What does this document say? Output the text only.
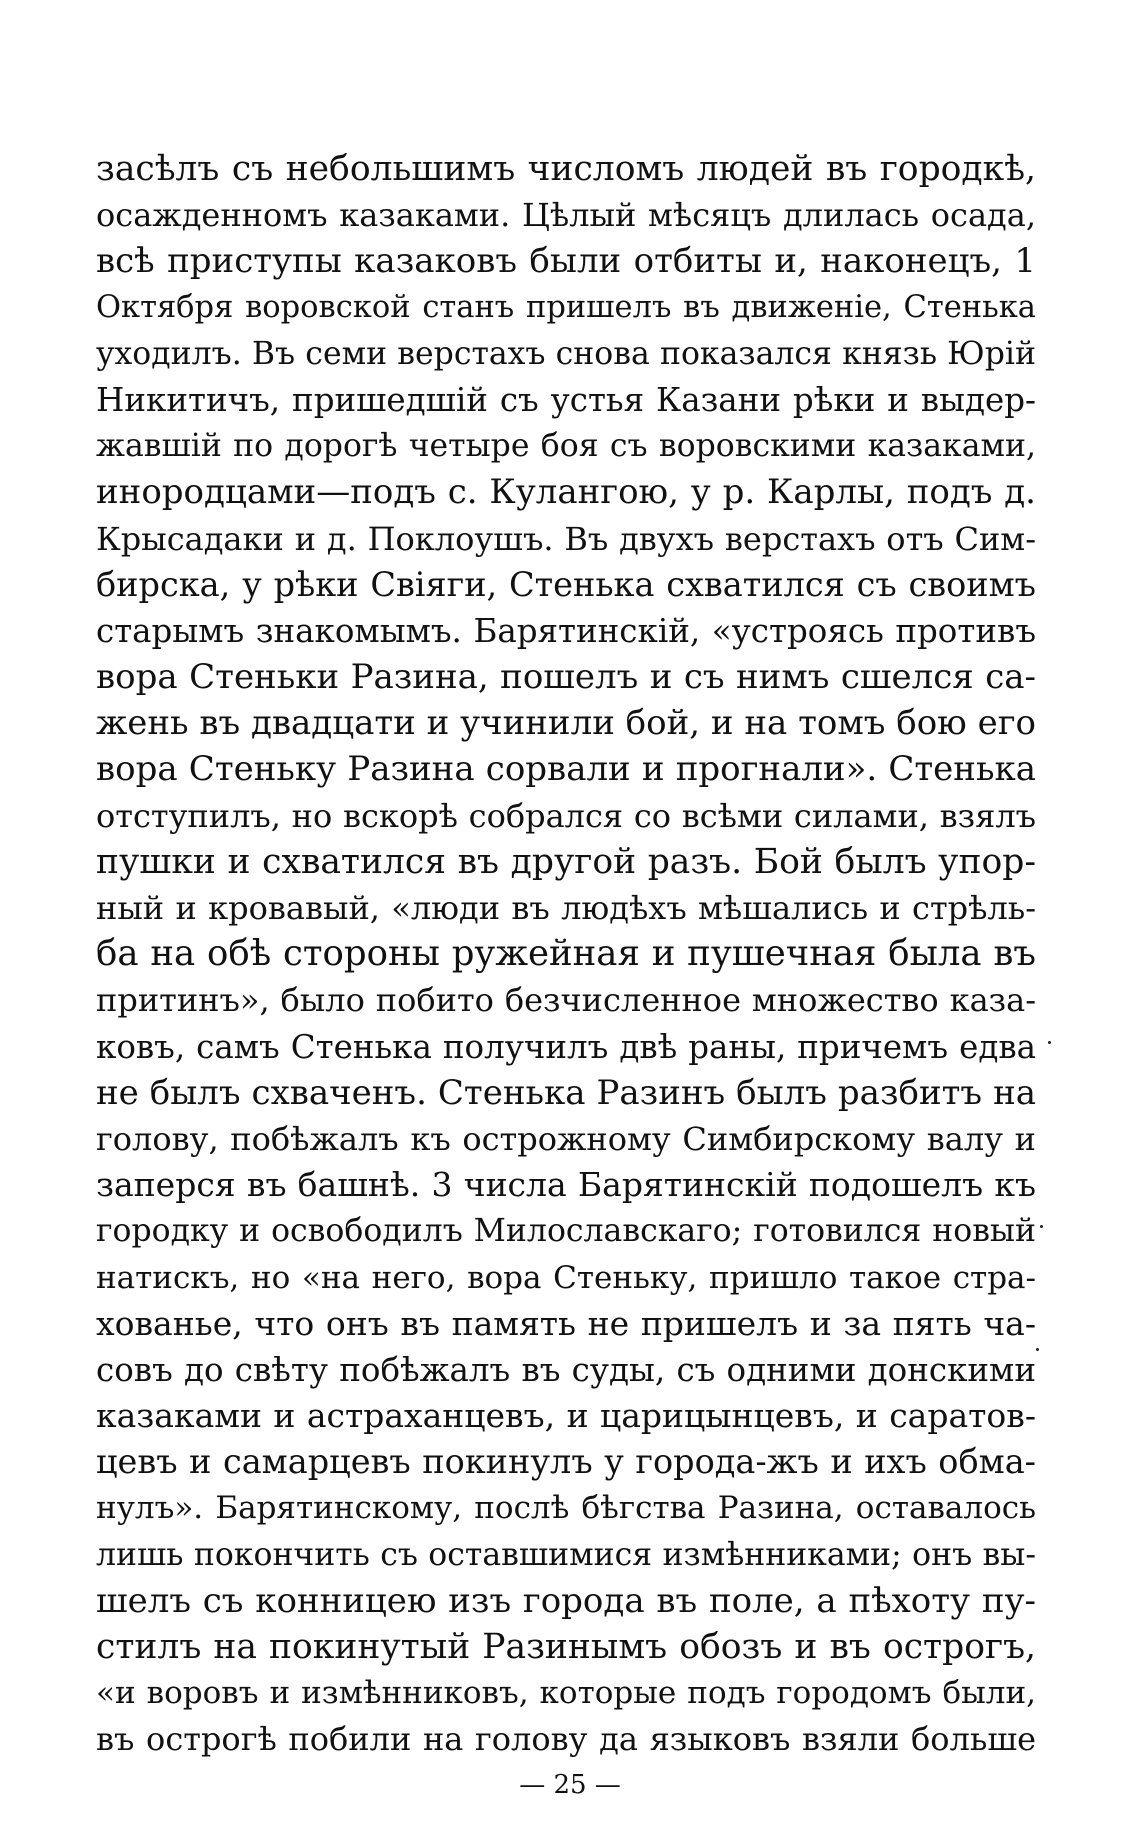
засѣлъ съ небольшимъ числомъ людей въ городкѣ,
осажденномъ казаками. Цѣлый мѣсяцъ длилась осада,
всѣ приступы казаковъ были отбиты и, наконецъ, 1
Октября воровской станъ пришелъ въ движеніе, Стенька
уходилъ. Въ семи верстахъ снова показался князь Юрій
Никитичъ, пришедшій съ устья Казани рѣки и выдер-
жавшій по дорогѣ четыре боя съ воровскими казаками,
инородцами—подъ с. Кулангою, у р. Карлы, подъ д.
Крысадаки и д. Поклоушъ. Въ двухъ верстахъ отъ Сим-
бирска, у рѣки Свіяги, Стенька схватился съ своимъ
старымъ знакомымъ. Барятинскій, «устроясь противъ
вора Стеньки Разина, пошелъ и съ нимъ сшелся са-
жень въ двадцати и учинили бой, и на томъ бою его
вора Стеньку Разина сорвали и прогнали». Стенька
отступилъ, но вскорѣ собрался со всѣми силами, взялъ
пушки и схватился въ другой разъ. Бой былъ упор-
ный и кровавый, «люди въ людѣхъ мѣшались и стрѣль-
ба на обѣ стороны ружейная и пушечная была въ
притинъ», было побито безчисленное множество каза-
ковъ, самъ Стенька получилъ двѣ раны, причемъ едва
не былъ схваченъ. Стенька Разинъ былъ разбитъ на
голову, побѣжалъ къ острожному Симбирскому валу и
заперся въ башнѣ. 3 числа Барятинскій подошелъ къ
городку и освободилъ Милославскаго; готовился новый
натискъ, но «на него, вора Стеньку, пришло такое стра-
хованье, что онъ въ память не пришелъ и за пять ча-
совъ до свѣту побѣжалъ въ суды, съ одними донскими
казаками и астраханцевъ, и царицынцевъ, и саратов-
цевъ и самарцевъ покинулъ у города-жъ и ихъ обма-
нулъ». Барятинскому, послѣ бѣгства Разина, оставалось
лишь покончить съ оставшимися измѣнниками; онъ вы-
шелъ съ конницею изъ города въ поле, а пѣхоту пу-
стилъ на покинутый Разинымъ обозъ и въ острогъ,
«и воровъ и измѣнниковъ, которые подъ городомъ были,
въ острогѣ побили на голову да языковъ взяли больше
— 25 —
